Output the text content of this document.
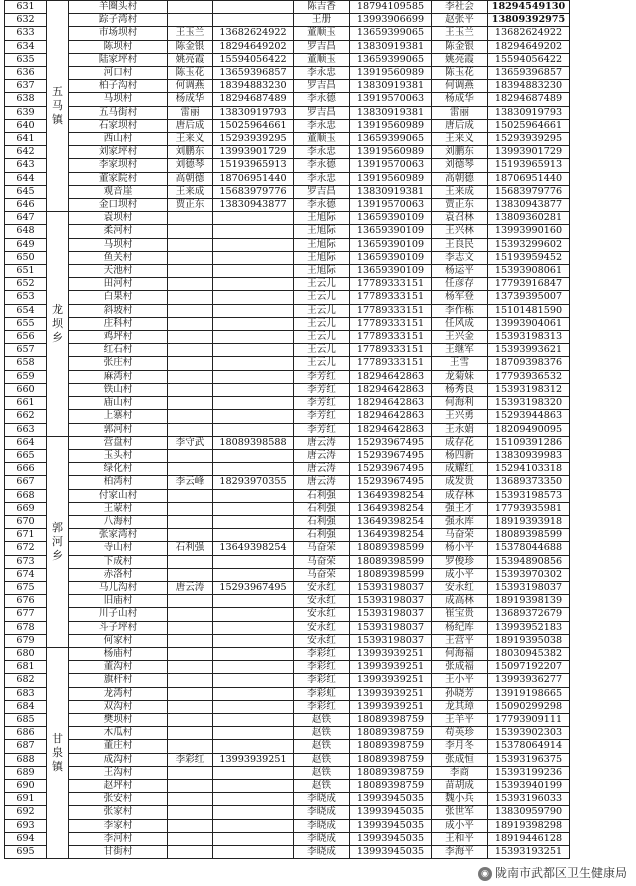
631	五马镇	羊圈头村			陈吉香	18794109585	李社会	18294549130
632		踪子湾村			王册	13993906699	赵张平	13809392975
633		市场坝村	王玉兰	13682624922	董顺玉	13659399065	王玉兰	13682624922
634		陈坝村	陈金银	18294649202	罗吉昌	13830919381	陈金银	18294649202
635		陆家坪村	姚亮霞	15594056422	董顺玉	13659399065	姚亮霞	15594056422
636		河口村	陈玉花	13659396857	李永忠	13919560989	陈玉花	13659396857
637		柏子沟村	何调燕	18394883230	罗吉昌	13830919381	何调燕	18394883230
638		马坝村	杨成华	18294687489	李永德	13919570063	杨成华	18294687489
639		五马街村	雷丽	13830919793	罗吉昌	13830919381	雷丽	13830919793
640		石家坝村	唐后成	15025964661	李永忠	13919560989	唐后成	15025964661
641		西山村	王来义	15293939295	董顺玉	13659399065	王来义	15293939295
642		刘家坪村	刘鹏东	13993901729	李永忠	13919560989	刘鹏东	13993901729
643		李家坝村	刘德琴	15193965913	李永德	13919570063	刘德琴	15193965913
644		董家院村	高朝德	18706951440	李永忠	13919560989	高朝德	18706951440
645		观音崖	王来成	15683979776	罗吉昌	13830919381	王来成	15683979776
646		金口坝村	贾正东	13830943877	李永德	13919570063	贾正东	13830943877
647	龙坝乡	袁坝村			王旭际	13659390109	袁召林	13809360281
648		柔河村			王旭际	13659390109	王兴林	13993990160
649		马坝村			王旭际	13659390109	王良民	15393299602
650		鱼关村			王旭际	13659390109	李志文	15193959452
651		天池村			王旭际	13659390109	杨运平	15393908061
652		田河村			王云儿	17789333151	任彦存	17793916847
653		白果村			王云儿	17789333151	杨军登	13739395007
654		斜坡村			王云儿	17789333151	李作栋	15101481590
655		庄科村			王云儿	17789333151	任风成	13993904061
656		鸡坪村			王云儿	17789333151	王兴金	15393198313
657		红石村			王云儿	17789333151	王继军	15393993621
658		张庄村			王云儿	17789333151	王雪	18709398376
659		麻湾村			李芳红	18294642863	龙菊妹	17793936532
660		铁山村			李芳红	18294642863	杨秀良	15393198312
661		庙山村			李芳红	18294642863	何海利	15393198320
662		上寨村			李芳红	18294642863	王兴勇	15293944863
663		郭河村			李芳红	18294642863	王永娟	18209490095
664	郭河乡	营盘村	李守武	18089398588	唐云涛	15293967495	成存花	15109391286
665		玉头村			唐云涛	15293967495	杨四新	13830939983
666		绿化村			唐云涛	15293967495	成耀红	15294103318
667		柏湾村	李云峰	18293970355	唐云涛	15293967495	成发贵	13689373350
668		付家山村			石利强	13649398254	成存林	15393198573
669		王蒙村			石利强	13649398254	强王才	17793935981
670		八海村			石利强	13649398254	强永库	18919393918
671		张家湾村			石利强	13649398254	马奋荣	18089398599
672		寺山村	石利强	13649398254	马奋荣	18089398599	杨小平	15378044688
673		下成村			马奋荣	18089398599	罗俊珍	15394890856
674		赤洛村			马奋荣	18089398599	成小平	15393970302
675		马儿沟村	唐云涛	15293967495	安永红	15393198037	安永红	15393198037
676		旧庙村			安永红	15393198037	成高林	18919398139
677		川子山村			安永红	15393198037	崔宝贵	13689372679
678		斗子坪村			安永红	15393198037	杨纪库	13993952183
679		何家村			安永红	15393198037	王营平	18919395038
680	甘泉镇	杨庙村			李彩红	13993939251	何海福	18030945382
681		董沟村			李彩红	13993939251	张成福	15097192207
682		旗杆村			李彩红	13993939251	王小平	13993936277
683		龙湾村			李彩虹	13993939251	孙晓芳	13919198665
684		双沟村			李彩红	13993939251	龙其璋	15090299298
685		樊坝村			赵铁	18089398759	王羊平	17793909111
686		木瓜村			赵铁	18089398759	苟英珍	15393902303
687		董庄村			赵铁	18089398759	李月冬	15378064914
688		成沟村	李彩红	13993939251	赵铁	18089398759	张成恒	15393196375
689		王沟村			赵铁	18089398759	李商	15393199236
690		赵坪村			赵铁	18089398759	苗胡成	15393940199
691		张安村			李晓成	13993945035	魏小兵	15393196033
692		张家村			李晓成	13993945035	张世军	13830959790
693		李家村			李晓成	13993945035	成小平	18919398298
694		李河村			李晓成	13993945035	王和平	18919446128
695		甘街村			李晓成	13993945035	李海平	15393193251
◉ 陇南市武都区卫生健康局
